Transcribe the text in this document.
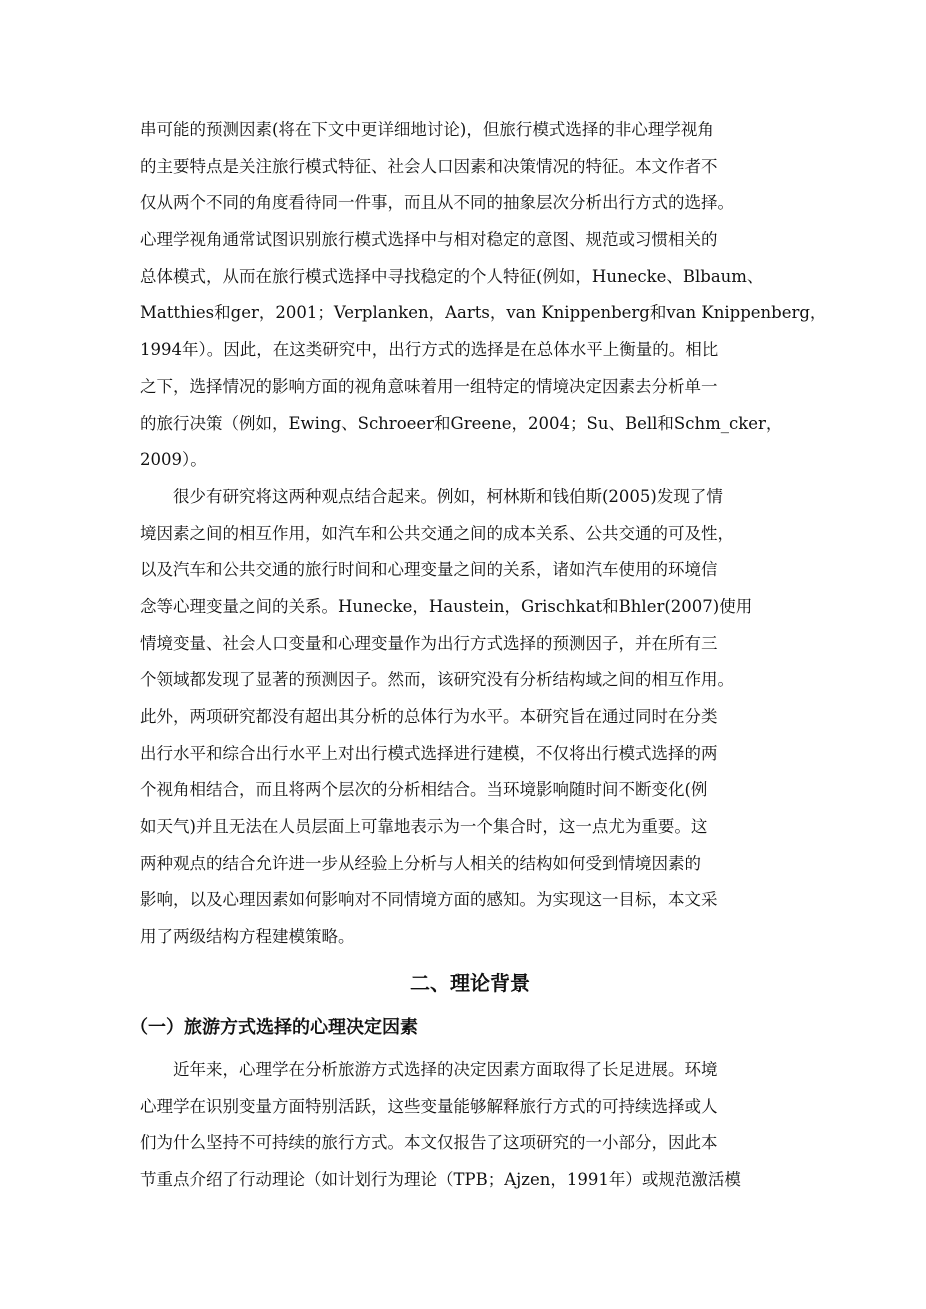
串可能的预测因素(将在下文中更详细地讨论)，但旅行模式选择的非心理学视角
的主要特点是关注旅行模式特征、社会人口因素和决策情况的特征。本文作者不
仅从两个不同的角度看待同一件事，而且从不同的抽象层次分析出行方式的选择。
心理学视角通常试图识别旅行模式选择中与相对稳定的意图、规范或习惯相关的
总体模式，从而在旅行模式选择中寻找稳定的个人特征(例如，Hunecke、Blbaum、
Matthies和ger，2001；Verplanken，Aarts，van Knippenberg和van Knippenberg，
1994年）。因此，在这类研究中，出行方式的选择是在总体水平上衡量的。相比
之下，选择情况的影响方面的视角意味着用一组特定的情境决定因素去分析单一
的旅行决策（例如，Ewing、Schroeer和Greene，2004；Su、Bell和Schm_cker，
2009）。
很少有研究将这两种观点结合起来。例如，柯林斯和钱伯斯(2005)发现了情
境因素之间的相互作用，如汽车和公共交通之间的成本关系、公共交通的可及性，
以及汽车和公共交通的旅行时间和心理变量之间的关系，诸如汽车使用的环境信
念等心理变量之间的关系。Hunecke，Haustein，Grischkat和Bhler(2007)使用
情境变量、社会人口变量和心理变量作为出行方式选择的预测因子，并在所有三
个领域都发现了显著的预测因子。然而，该研究没有分析结构域之间的相互作用。
此外，两项研究都没有超出其分析的总体行为水平。本研究旨在通过同时在分类
出行水平和综合出行水平上对出行模式选择进行建模，不仅将出行模式选择的两
个视角相结合，而且将两个层次的分析相结合。当环境影响随时间不断变化(例
如天气)并且无法在人员层面上可靠地表示为一个集合时，这一点尤为重要。这
两种观点的结合允许进一步从经验上分析与人相关的结构如何受到情境因素的
影响，以及心理因素如何影响对不同情境方面的感知。为实现这一目标，本文采
用了两级结构方程建模策略。
二、理论背景
（一）旅游方式选择的心理决定因素
近年来，心理学在分析旅游方式选择的决定因素方面取得了长足进展。环境
心理学在识别变量方面特别活跃，这些变量能够解释旅行方式的可持续选择或人
们为什么坚持不可持续的旅行方式。本文仅报告了这项研究的一小部分，因此本
节重点介绍了行动理论（如计划行为理论（TPB；Ajzen，1991年）或规范激活模
